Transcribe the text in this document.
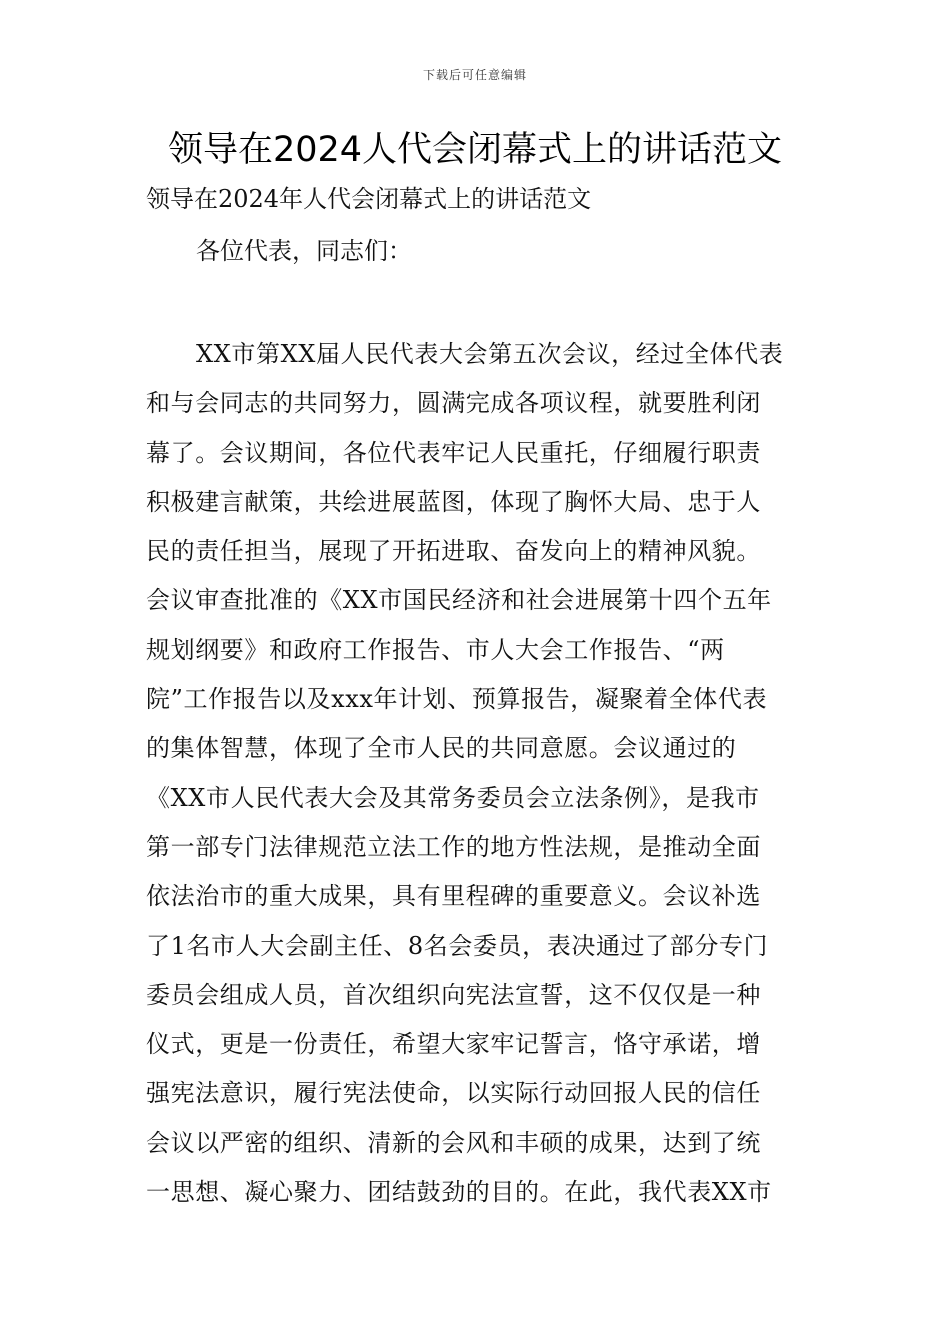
下载后可任意编辑
领导在2024人代会闭幕式上的讲话范文

领导在2024年人代会闭幕式上的讲话范文

各位代表，同志们：

XX市第XX届人民代表大会第五次会议，经过全体代表
和与会同志的共同努力，圆满完成各项议程，就要胜利闭
幕了。会议期间，各位代表牢记人民重托，仔细履行职责
积极建言献策，共绘进展蓝图，体现了胸怀大局、忠于人
民的责任担当，展现了开拓进取、奋发向上的精神风貌。
会议审查批准的《XX市国民经济和社会进展第十四个五年
规划纲要》和政府工作报告、市人大会工作报告、“两
院”工作报告以及xxx年计划、预算报告，凝聚着全体代表
的集体智慧，体现了全市人民的共同意愿。会议通过的
《XX市人民代表大会及其常务委员会立法条例》，是我市
第一部专门法律规范立法工作的地方性法规，是推动全面
依法治市的重大成果，具有里程碑的重要意义。会议补选
了1名市人大会副主任、8名会委员，表决通过了部分专门
委员会组成人员，首次组织向宪法宣誓，这不仅仅是一种
仪式，更是一份责任，希望大家牢记誓言，恪守承诺，增
强宪法意识，履行宪法使命，以实际行动回报人民的信任
会议以严密的组织、清新的会风和丰硕的成果，达到了统
一思想、凝心聚力、团结鼓劲的目的。在此，我代表XX市
